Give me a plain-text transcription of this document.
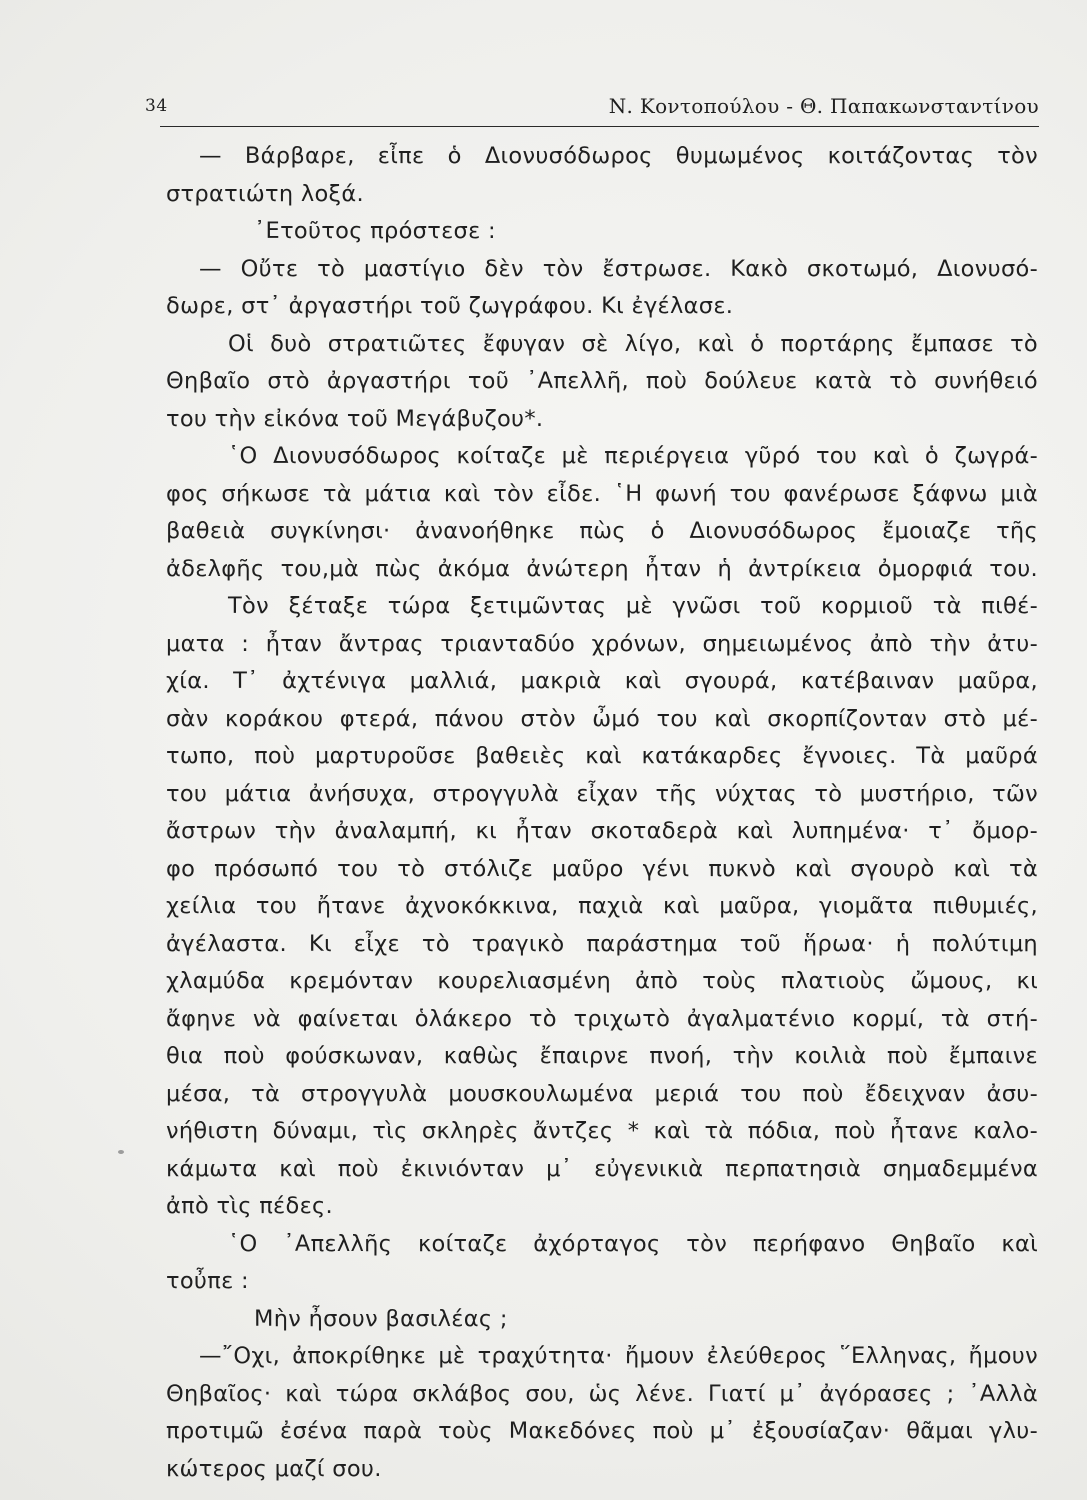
34	Ν. Κοντοπούλου - Θ. Παπακωνσταντίνου
— Βάρβαρε, εἶπε ὁ Διονυσόδωρος θυμωμένος κοιτάζοντας τὸν
στρατιώτη λοξά.
᾿Ετοῦτος πρόστεσε :
— Οὔτε τὸ μαστίγιο δὲν τὸν ἔστρωσε. Κακὸ σκοτωμό, Διονυσό-
δωρε, στ᾿ ἀργαστήρι τοῦ ζωγράφου. Κι ἐγέλασε.
Οἱ δυὸ στρατιῶτες ἔφυγαν σὲ λίγο, καὶ ὁ πορτάρης ἔμπασε τὸ
Θηβαῖο στὸ ἀργαστήρι τοῦ ᾿Απελλῆ, ποὺ δούλευε κατὰ τὸ συνήθειό
του τὴν εἰκόνα τοῦ Μεγάβυζου*.
῾Ο Διονυσόδωρος κοίταζε μὲ περιέργεια γῦρό του καὶ ὁ ζωγρά-
φος σήκωσε τὰ μάτια καὶ τὸν εἶδε. ῾Η φωνή του φανέρωσε ξάφνω μιὰ
βαθειὰ συγκίνησι· ἀνανοήθηκε πὼς ὁ Διονυσόδωρος ἔμοιαζε τῆς
ἀδελφῆς του,μὰ πὼς ἀκόμα ἀνώτερη ἦταν ἡ ἀντρίκεια ὀμορφιά του.
Τὸν ξέταξε τώρα ξετιμῶντας μὲ γνῶσι τοῦ κορμιοῦ τὰ πιθέ-
ματα : ἦταν ἄντρας τριανταδύο χρόνων, σημειωμένος ἀπὸ τὴν ἀτυ-
χία. Τ᾿ ἀχτένιγα μαλλιά, μακριὰ καὶ σγουρά, κατέβαιναν μαῦρα,
σὰν κοράκου φτερά, πάνου στὸν ὦμό του καὶ σκορπίζονταν στὸ μέ-
τωπο, ποὺ μαρτυροῦσε βαθειὲς καὶ κατάκαρδες ἔγνοιες. Τὰ μαῦρά
του μάτια ἀνήσυχα, στρογγυλὰ εἶχαν τῆς νύχτας τὸ μυστήριο, τῶν
ἄστρων τὴν ἀναλαμπή, κι ἦταν σκοταδερὰ καὶ λυπημένα· τ᾿ ὄμορ-
φο πρόσωπό του τὸ στόλιζε μαῦρο γένι πυκνὸ καὶ σγουρὸ καὶ τὰ
χείλια του ἤτανε ἀχνοκόκκινα, παχιὰ καὶ μαῦρα, γιομᾶτα πιθυμιές,
ἀγέλαστα. Κι εἶχε τὸ τραγικὸ παράστημα τοῦ ἥρωα· ἡ πολύτιμη
χλαμύδα κρεμόνταν κουρελιασμένη ἀπὸ τοὺς πλατιοὺς ὤμους, κι
ἄφηνε νὰ φαίνεται ὁλάκερο τὸ τριχωτὸ ἀγαλματένιο κορμί, τὰ στή-
θια ποὺ φούσκωναν, καθὼς ἔπαιρνε πνοή, τὴν κοιλιὰ ποὺ ἔμπαινε
μέσα, τὰ στρογγυλὰ μουσκουλωμένα μεριά του ποὺ ἔδειχναν ἀσυ-
νήθιστη δύναμι, τὶς σκληρὲς ἄντζες * καὶ τὰ πόδια, ποὺ ἦτανε καλο-
κάμωτα καὶ ποὺ ἐκινιόνταν μ᾿ εὐγενικιὰ περπατησιὰ σημαδεμμένα
ἀπὸ τὶς πέδες.
῾Ο ᾿Απελλῆς κοίταζε ἀχόρταγος τὸν περήφανο Θηβαῖο καὶ
τοὖπε :
Μὴν ἦσουν βασιλέας ;
—῎Οχι, ἀποκρίθηκε μὲ τραχύτητα· ἤμουν ἐλεύθερος ῞Ελληνας, ἤμουν
Θηβαῖος· καὶ τώρα σκλάβος σου, ὡς λένε. Γιατί μ᾿ ἀγόρασες ; ᾿Αλλὰ
προτιμῶ ἐσένα παρὰ τοὺς Μακεδόνες ποὺ μ᾿ ἐξουσίαζαν· θᾶμαι γλυ-
κώτερος μαζί σου.
